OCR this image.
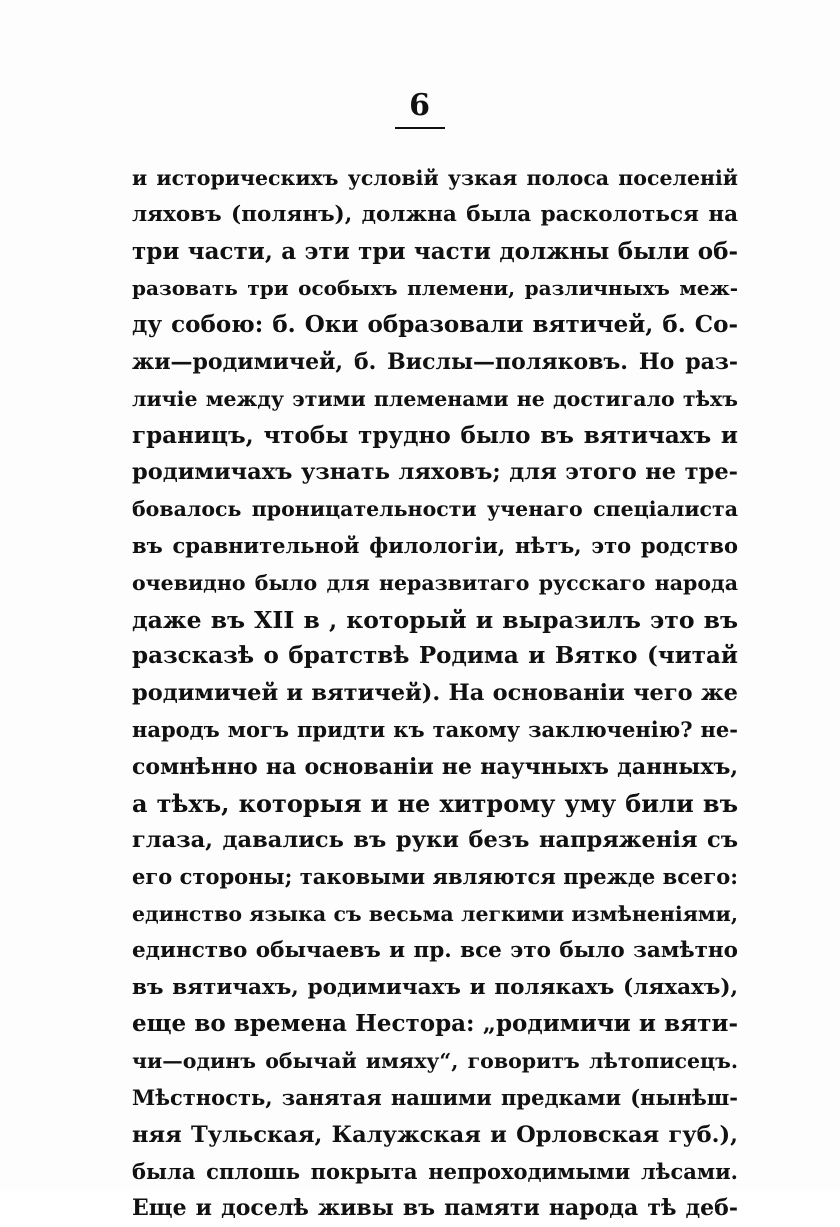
6
и историческихъ условій узкая полоса поселеній
ляховъ (полянъ), должна была расколоться на
три части, а эти три части должны были об-
разовать три особыхъ племени, различныхъ меж-
ду собою: б. Оки образовали вятичей, б. Со-
жи—родимичей, б. Вислы—поляковъ. Но раз-
личіе между этими племенами не достигало тѣхъ
границъ, чтобы трудно было въ вятичахъ и
родимичахъ узнать ляховъ; для этого не тре-
бовалось проницательности ученаго спеціалиста
въ сравнительной филологіи, нѣтъ, это родство
очевидно было для неразвитаго русскаго народа
даже въ XII в , который и выразилъ это въ
разсказѣ о братствѣ Родима и Вятко (читай
родимичей и вятичей). На основаніи чего же
народъ могъ придти къ такому заключенію? не-
сомнѣнно на основаніи не научныхъ данныхъ,
а тѣхъ, которыя и не хитрому уму били въ
глаза, давались въ руки безъ напряженія съ
его стороны; таковыми являются прежде всего:
единство языка съ весьма легкими измѣненіями,
единство обычаевъ и пр. все это было замѣтно
въ вятичахъ, родимичахъ и полякахъ (ляхахъ),
еще во времена Нестора: „родимичи и вяти-
чи—одинъ обычай имяху“, говоритъ лѣтописецъ.
Мѣстность, занятая нашими предками (нынѣш-
няя Тульская, Калужская и Орловская губ.),
была сплошь покрыта непроходимыми лѣсами.
Еще и доселѣ живы въ памяти народа тѣ деб-
